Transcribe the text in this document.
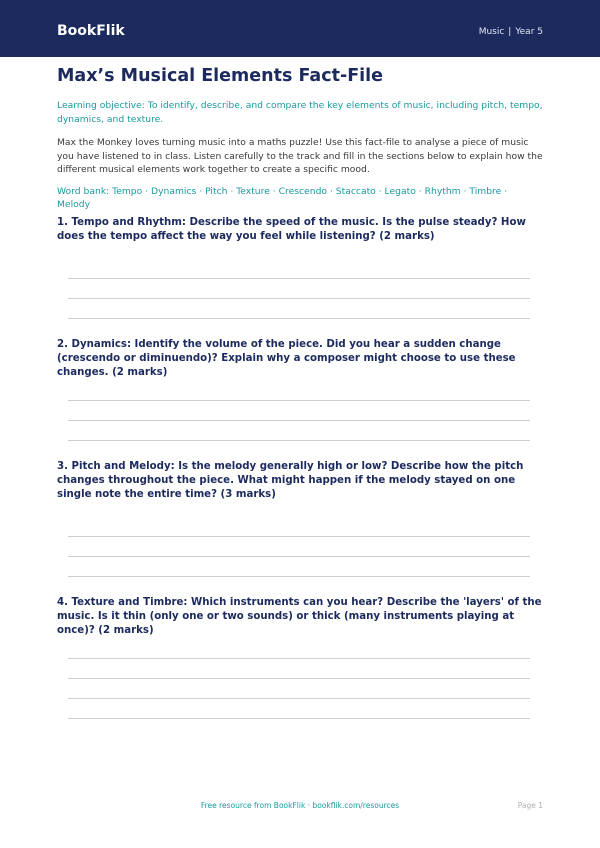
BookFlik	Music | Year 5
Max’s Musical Elements Fact-File
Learning objective: To identify, describe, and compare the key elements of music, including pitch, tempo, dynamics, and texture.
Max the Monkey loves turning music into a maths puzzle! Use this fact-file to analyse a piece of music you have listened to in class. Listen carefully to the track and fill in the sections below to explain how the different musical elements work together to create a specific mood.
Word bank: Tempo · Dynamics · Pitch · Texture · Crescendo · Staccato · Legato · Rhythm · Timbre · Melody
1. Tempo and Rhythm: Describe the speed of the music. Is the pulse steady? How does the tempo affect the way you feel while listening? (2 marks)
2. Dynamics: Identify the volume of the piece. Did you hear a sudden change (crescendo or diminuendo)? Explain why a composer might choose to use these changes. (2 marks)
3. Pitch and Melody: Is the melody generally high or low? Describe how the pitch changes throughout the piece. What might happen if the melody stayed on one single note the entire time? (3 marks)
4. Texture and Timbre: Which instruments can you hear? Describe the 'layers' of the music. Is it thin (only one or two sounds) or thick (many instruments playing at once)? (2 marks)
Free resource from BookFlik · bookflik.com/resources	Page 1
